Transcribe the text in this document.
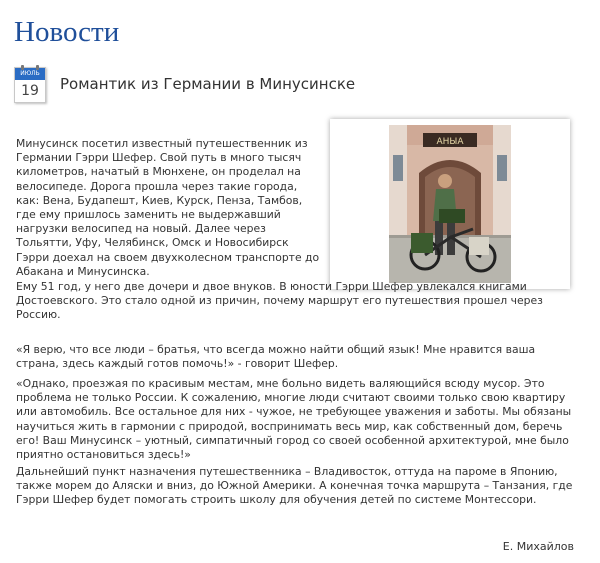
Новости
ИЮЛЬ
19	Романтик из Германии в Минусинске
АНЫА

Минусинск посетил известный путешественник из Германии Гэрри Шефер. Свой путь в много тысяч километров, начатый в Мюнхене, он проделал на велосипеде. Дорога прошла через такие города, как: Вена, Будапешт, Киев, Курск, Пенза, Тамбов, где ему пришлось заменить не выдержавший нагрузки велосипед на новый. Далее через Тольятти, Уфу, Челябинск, Омск и Новосибирск Гэрри доехал на своем двухколесном транспорте до Абакана и Минусинска.

Ему 51 год, у него две дочери и двое внуков. В юности Гэрри Шефер увлекался книгами Достоевского. Это стало одной из причин, почему маршрут его путешествия прошел через Россию.

«Я верю, что все люди – братья, что всегда можно найти общий язык! Мне нравится ваша страна, здесь каждый готов помочь!» - говорит Шефер.

«Однако, проезжая по красивым местам, мне больно видеть валяющийся всюду мусор. Это проблема не только России. К сожалению, многие люди считают своими только свою квартиру или автомобиль. Все остальное для них - чужое, не требующее уважения и заботы. Мы обязаны научиться жить в гармонии с природой, воспринимать весь мир, как собственный дом, беречь его! Ваш Минусинск – уютный, симпатичный город со своей особенной архитектурой, мне было приятно остановиться здесь!»

Дальнейший пункт назначения путешественника – Владивосток, оттуда на пароме в Японию, также морем до Аляски и вниз, до Южной Америки. А конечная точка маршрута – Танзания, где Гэрри Шефер будет помогать строить школу для обучения детей по системе Монтессори.

Е. Михайлов
